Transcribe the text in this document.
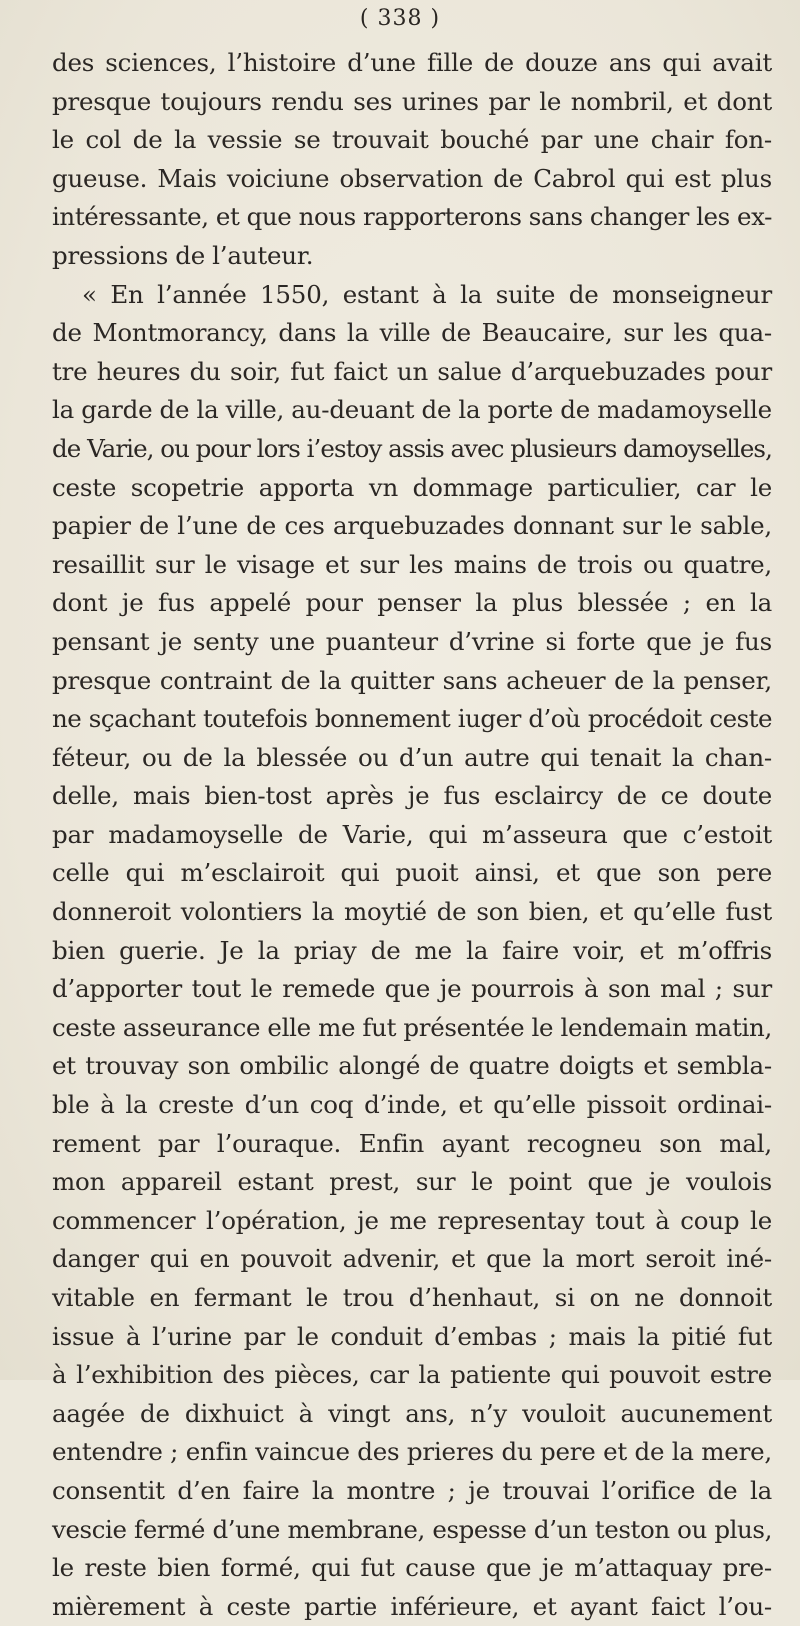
( 338 )
des sciences, l’histoire d’une fille de douze ans qui avait
presque toujours rendu ses urines par le nombril, et dont
le col de la vessie se trouvait bouché par une chair fon-
gueuse. Mais voiciune observation de Cabrol qui est plus
intéressante, et que nous rapporterons sans changer les ex-
pressions de l’auteur.
« En l’année 1550, estant à la suite de monseigneur
de Montmorancy, dans la ville de Beaucaire, sur les qua-
tre heures du soir, fut faict un salue d’arquebuzades pour
la garde de la ville, au-deuant de la porte de madamoyselle
de Varie, ou pour lors i’estoy assis avec plusieurs damoyselles,
ceste scopetrie apporta vn dommage particulier, car le
papier de l’une de ces arquebuzades donnant sur le sable,
resaillit sur le visage et sur les mains de trois ou quatre,
dont je fus appelé pour penser la plus blessée ; en la
pensant je senty une puanteur d’vrine si forte que je fus
presque contraint de la quitter sans acheuer de la penser,
ne sçachant toutefois bonnement iuger d’où procédoit ceste
féteur, ou de la blessée ou d’un autre qui tenait la chan-
delle, mais bien-tost après je fus esclaircy de ce doute
par madamoyselle de Varie, qui m’asseura que c’estoit
celle qui m’esclairoit qui puoit ainsi, et que son pere
donneroit volontiers la moytié de son bien, et qu’elle fust
bien guerie. Je la priay de me la faire voir, et m’offris
d’apporter tout le remede que je pourrois à son mal ; sur
ceste asseurance elle me fut présentée le lendemain matin,
et trouvay son ombilic alongé de quatre doigts et sembla-
ble à la creste d’un coq d’inde, et qu’elle pissoit ordinai-
rement par l’ouraque. Enfin ayant recogneu son mal,
mon appareil estant prest, sur le point que je voulois
commencer l’opération, je me representay tout à coup le
danger qui en pouvoit advenir, et que la mort seroit iné-
vitable en fermant le trou d’henhaut, si on ne donnoit
issue à l’urine par le conduit d’embas ; mais la pitié fut
à l’exhibition des pièces, car la patiente qui pouvoit estre
aagée de dixhuict à vingt ans, n’y vouloit aucunement
entendre ; enfin vaincue des prieres du pere et de la mere,
consentit d’en faire la montre ; je trouvai l’orifice de la
vescie fermé d’une membrane, espesse d’un teston ou plus,
le reste bien formé, qui fut cause que je m’attaquay pre-
mièrement à ceste partie inférieure, et ayant faict l’ou-
